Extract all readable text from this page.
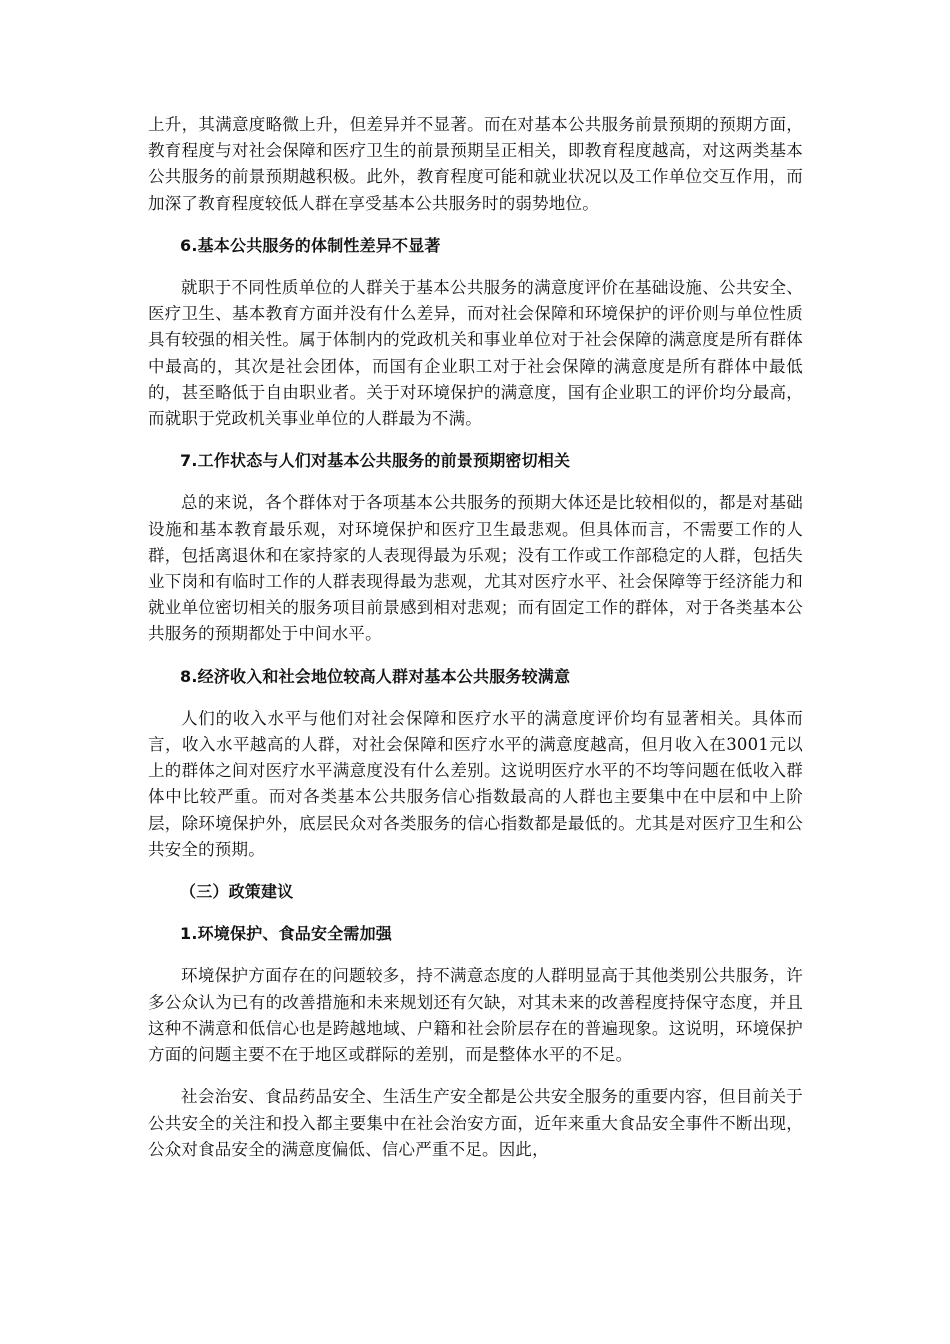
上升，其满意度略微上升，但差异并不显著。而在对基本公共服务前景预期的预期方面，教育程度与对社会保障和医疗卫生的前景预期呈正相关，即教育程度越高，对这两类基本公共服务的前景预期越积极。此外，教育程度可能和就业状况以及工作单位交互作用，而加深了教育程度较低人群在享受基本公共服务时的弱势地位。

6.基本公共服务的体制性差异不显著

就职于不同性质单位的人群关于基本公共服务的满意度评价在基础设施、公共安全、医疗卫生、基本教育方面并没有什么差异，而对社会保障和环境保护的评价则与单位性质具有较强的相关性。属于体制内的党政机关和事业单位对于社会保障的满意度是所有群体中最高的，其次是社会团体，而国有企业职工对于社会保障的满意度是所有群体中最低的，甚至略低于自由职业者。关于对环境保护的满意度，国有企业职工的评价均分最高，而就职于党政机关事业单位的人群最为不满。

7.工作状态与人们对基本公共服务的前景预期密切相关

总的来说，各个群体对于各项基本公共服务的预期大体还是比较相似的，都是对基础设施和基本教育最乐观，对环境保护和医疗卫生最悲观。但具体而言，不需要工作的人群，包括离退休和在家持家的人表现得最为乐观；没有工作或工作部稳定的人群，包括失业下岗和有临时工作的人群表现得最为悲观，尤其对医疗水平、社会保障等于经济能力和就业单位密切相关的服务项目前景感到相对悲观；而有固定工作的群体，对于各类基本公共服务的预期都处于中间水平。

8.经济收入和社会地位较高人群对基本公共服务较满意

人们的收入水平与他们对社会保障和医疗水平的满意度评价均有显著相关。具体而言，收入水平越高的人群，对社会保障和医疗水平的满意度越高，但月收入在3001元以上的群体之间对医疗水平满意度没有什么差别。这说明医疗水平的不均等问题在低收入群体中比较严重。而对各类基本公共服务信心指数最高的人群也主要集中在中层和中上阶层，除环境保护外，底层民众对各类服务的信心指数都是最低的。尤其是对医疗卫生和公共安全的预期。

（三）政策建议
1.环境保护、食品安全需加强

环境保护方面存在的问题较多，持不满意态度的人群明显高于其他类别公共服务，许多公众认为已有的改善措施和未来规划还有欠缺，对其未来的改善程度持保守态度，并且这种不满意和低信心也是跨越地域、户籍和社会阶层存在的普遍现象。这说明，环境保护方面的问题主要不在于地区或群际的差别，而是整体水平的不足。

社会治安、食品药品安全、生活生产安全都是公共安全服务的重要内容，但目前关于公共安全的关注和投入都主要集中在社会治安方面，近年来重大食品安全事件不断出现，公众对食品安全的满意度偏低、信心严重不足。因此，
